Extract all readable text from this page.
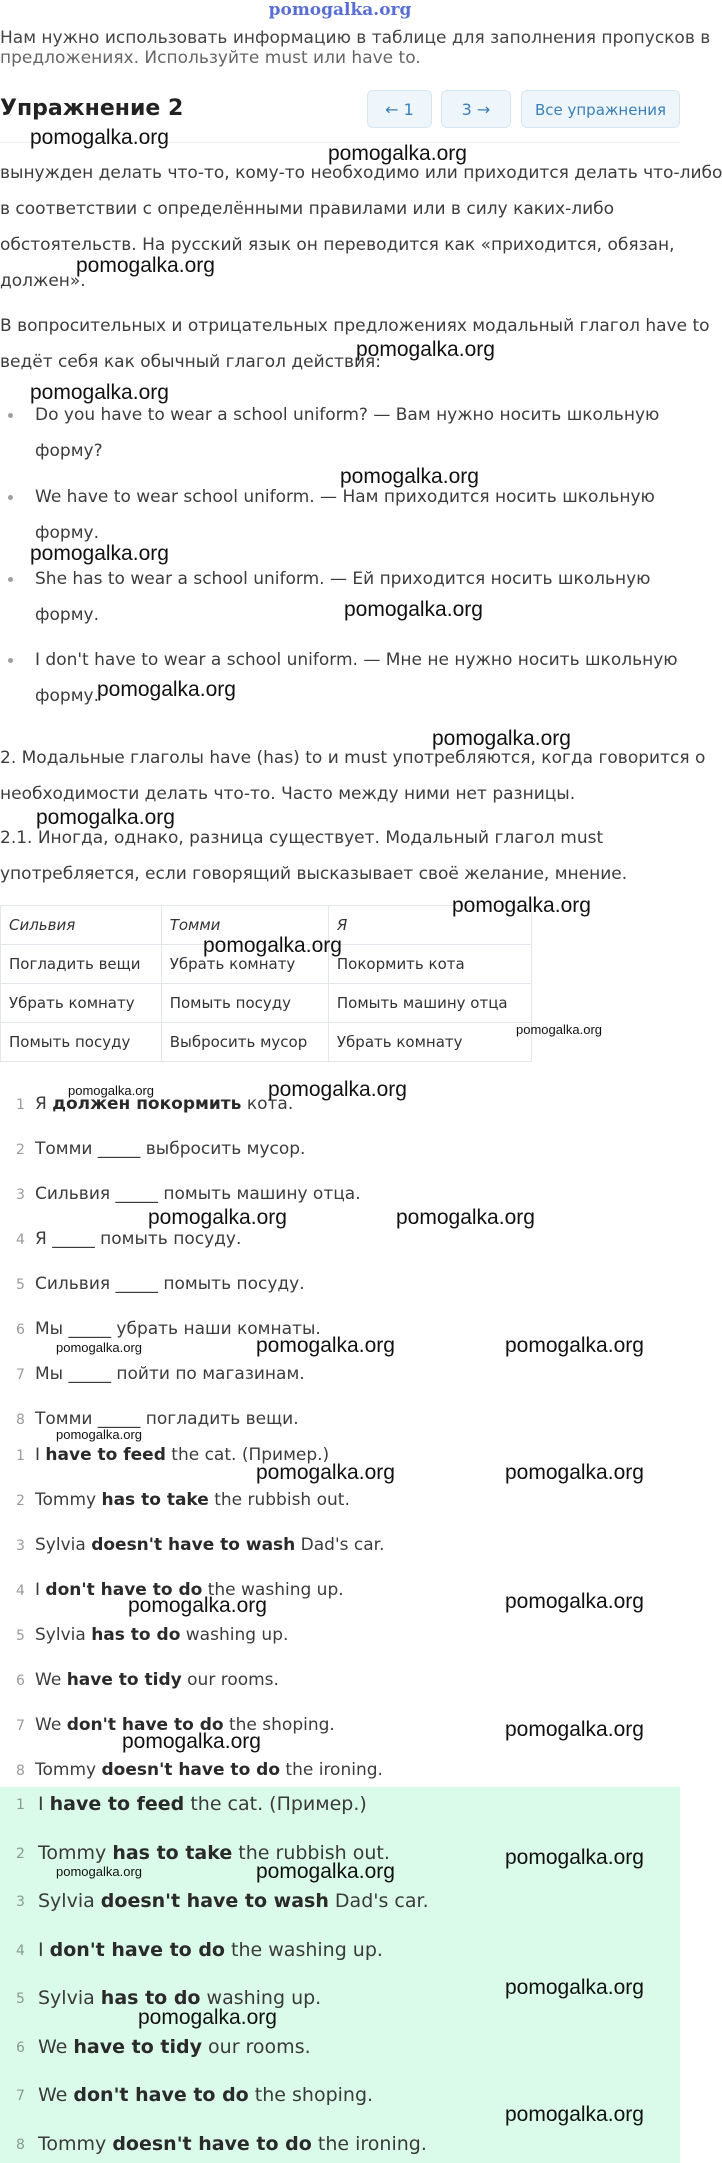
pomogalka.org
Нам нужно использовать информацию в таблице для заполнения пропусков в
предложениях. Используйте must или have to.
Упражнение 2	← 1	3 →	Все упражнения
вынужден делать что-то, кому-то необходимо или приходится делать что-либо
в соответствии с определёнными правилами или в силу каких-либо
обстоятельств. На русский язык он переводится как «приходится, обязан,
должен».
В вопросительных и отрицательных предложениях модальный глагол have to
ведёт себя как обычный глагол действия:
Do you have to wear a school uniform? — Вам нужно носить школьную
форму?
We have to wear school uniform. — Нам приходится носить школьную
форму.
She has to wear a school uniform. — Ей приходится носить школьную
форму.
I don't have to wear a school uniform. — Мне не нужно носить школьную
форму.
2. Модальные глаголы have (has) to и must употребляются, когда говорится о
необходимости делать что-то. Часто между ними нет разницы.
2.1. Иногда, однако, разница существует. Модальный глагол must
употребляется, если говорящий высказывает своё желание, мнение.
Сильвия	Томми	Я
Погладить вещи	Убрать комнату	Покормить кота
Убрать комнату	Помыть посуду	Помыть машину отца
Помыть посуду	Выбросить мусор	Убрать комнату
1 Я должен покормить кота.
2 Томми _____ выбросить мусор.
3 Сильвия _____ помыть машину отца.
4 Я _____ помыть посуду.
5 Сильвия _____ помыть посуду.
6 Мы _____ убрать наши комнаты.
7 Мы _____ пойти по магазинам.
8 Томми _____ погладить вещи.
1 I have to feed the cat. (Пример.)
2 Tommy has to take the rubbish out.
3 Sylvia doesn't have to wash Dad's car.
4 I don't have to do the washing up.
5 Sylvia has to do washing up.
6 We have to tidy our rooms.
7 We don't have to do the shoping.
8 Tommy doesn't have to do the ironing.
1 I have to feed the cat. (Пример.)
2 Tommy has to take the rubbish out.
3 Sylvia doesn't have to wash Dad's car.
4 I don't have to do the washing up.
5 Sylvia has to do washing up.
6 We have to tidy our rooms.
7 We don't have to do the shoping.
8 Tommy doesn't have to do the ironing.
pomogalka.org
pomogalka.org
pomogalka.org
pomogalka.org
pomogalka.org
pomogalka.org
pomogalka.org
pomogalka.org
pomogalka.org
pomogalka.org
pomogalka.org
pomogalka.org
pomogalka.org
pomogalka.org
pomogalka.org	pomogalka.org
pomogalka.org	pomogalka.org
pomogalka.org	pomogalka.org	pomogalka.org
pomogalka.org
pomogalka.org	pomogalka.org
pomogalka.org	pomogalka.org
pomogalka.org
pomogalka.org
pomogalka.org	pomogalka.org
pomogalka.org
pomogalka.org
pomogalka.org
pomogalka.org
